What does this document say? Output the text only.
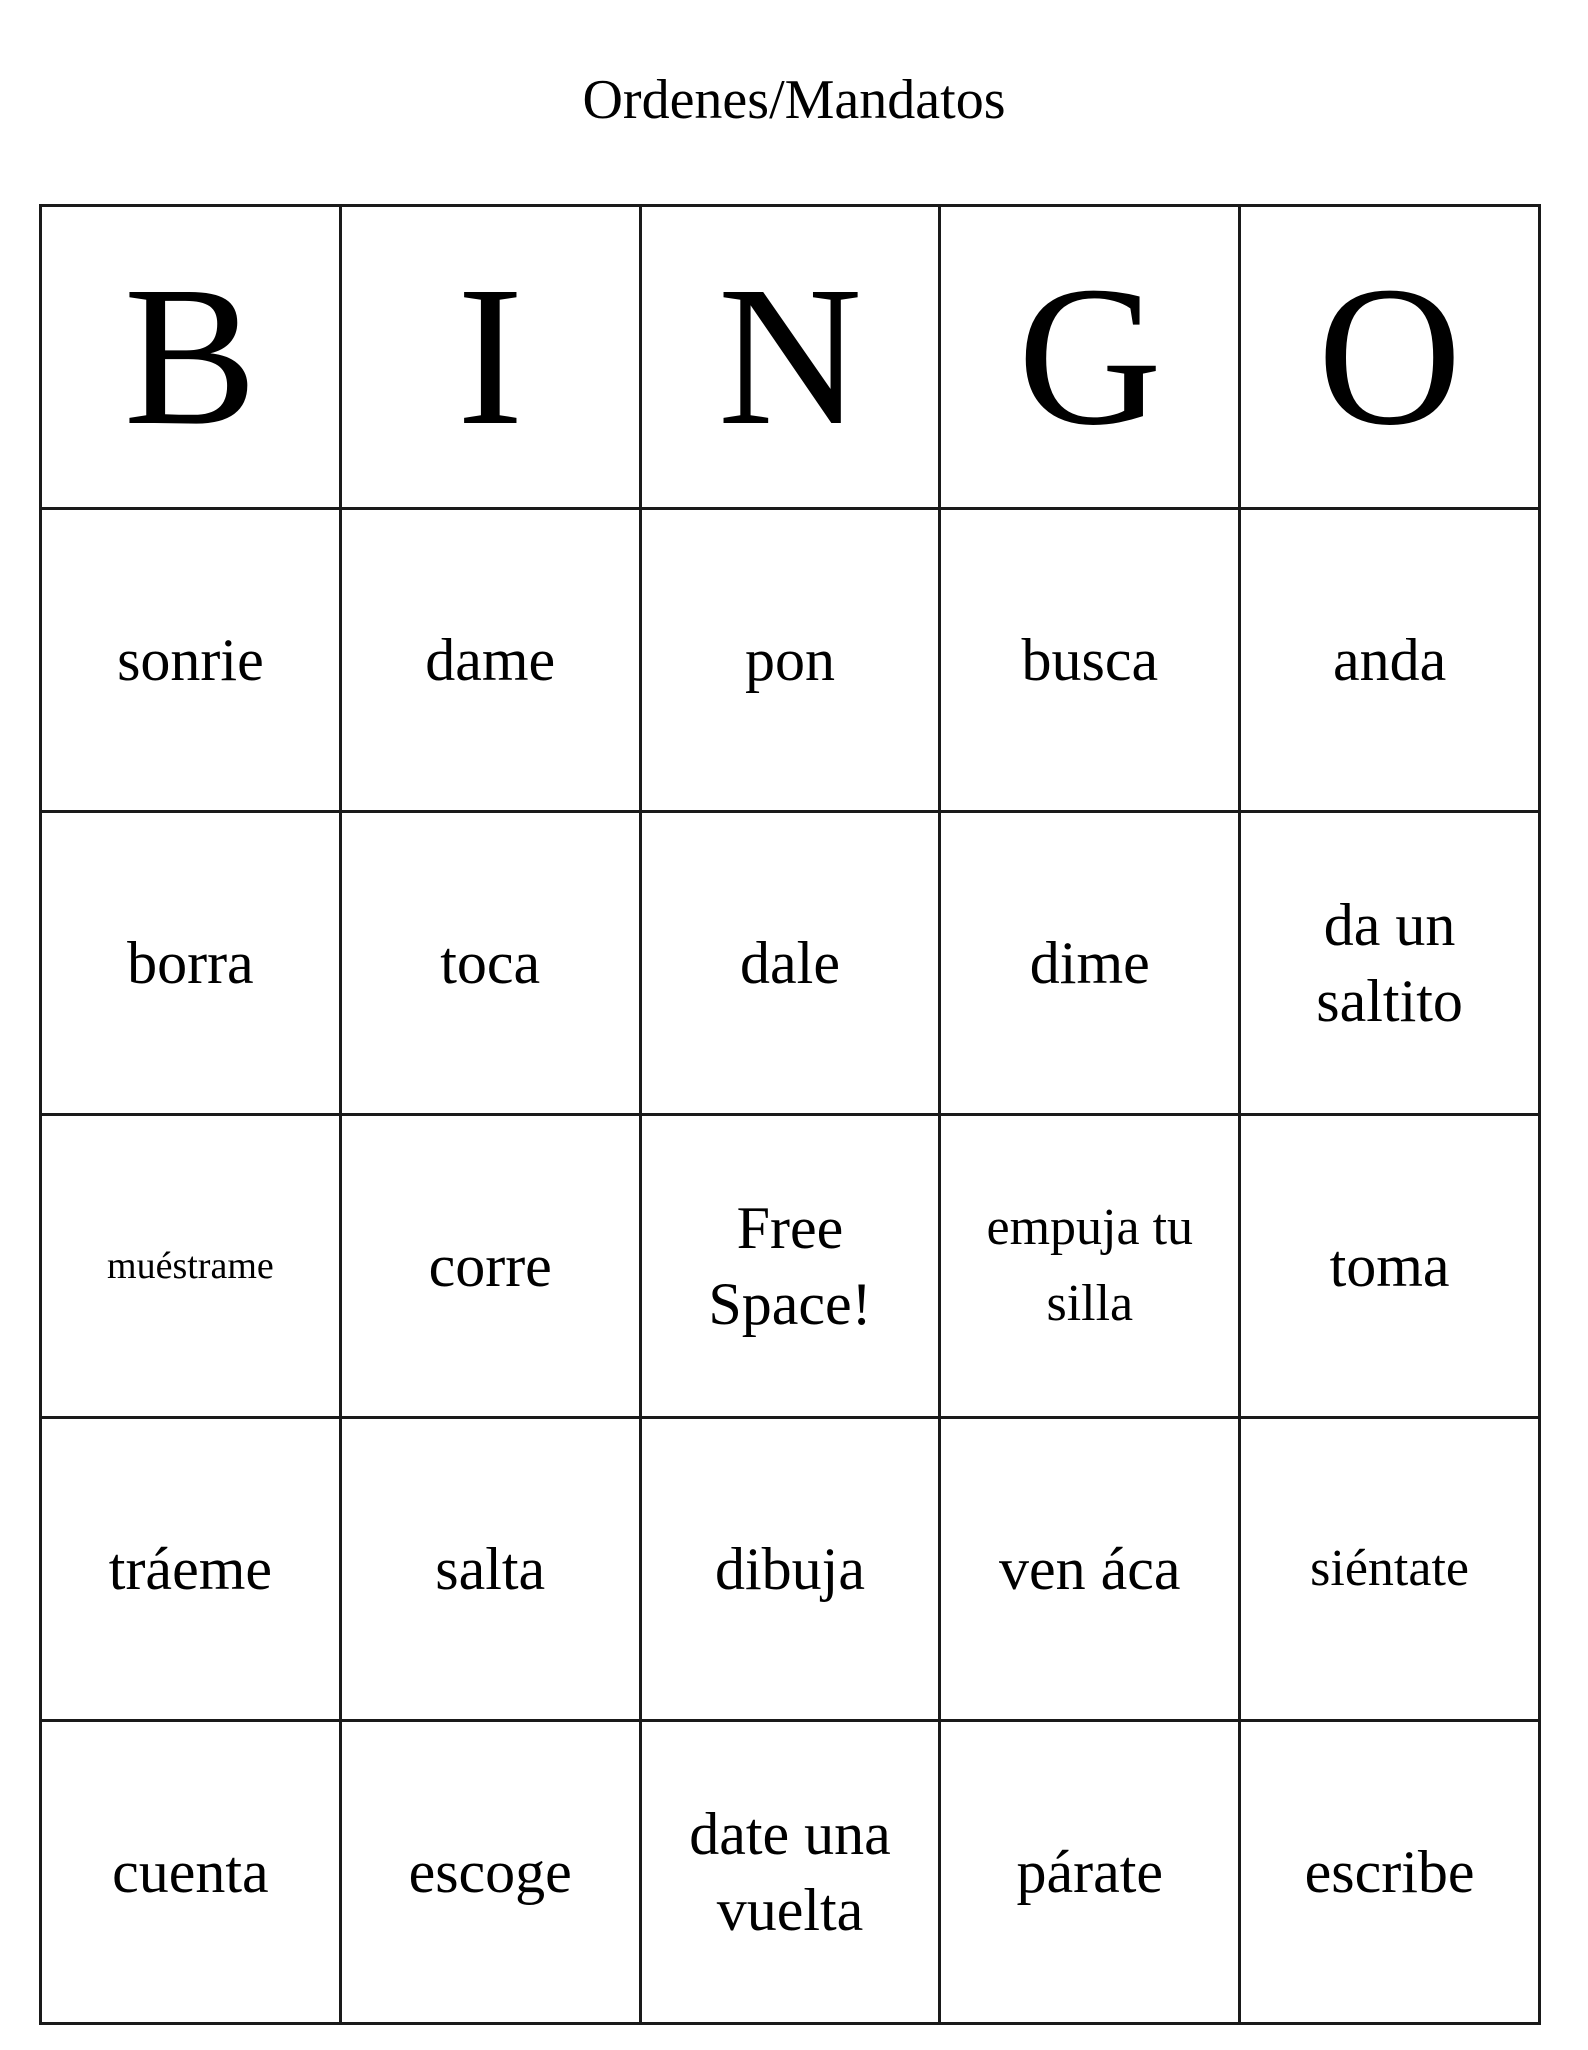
Ordenes/Mandatos
B	I	N	G	O
sonrie	dame	pon	busca	anda
borra	toca	dale	dime	da un saltito
muéstrame	corre	Free Space!	empuja tu silla	toma
tráeme	salta	dibuja	ven áca	siéntate
cuenta	escoge	date una vuelta	párate	escribe
